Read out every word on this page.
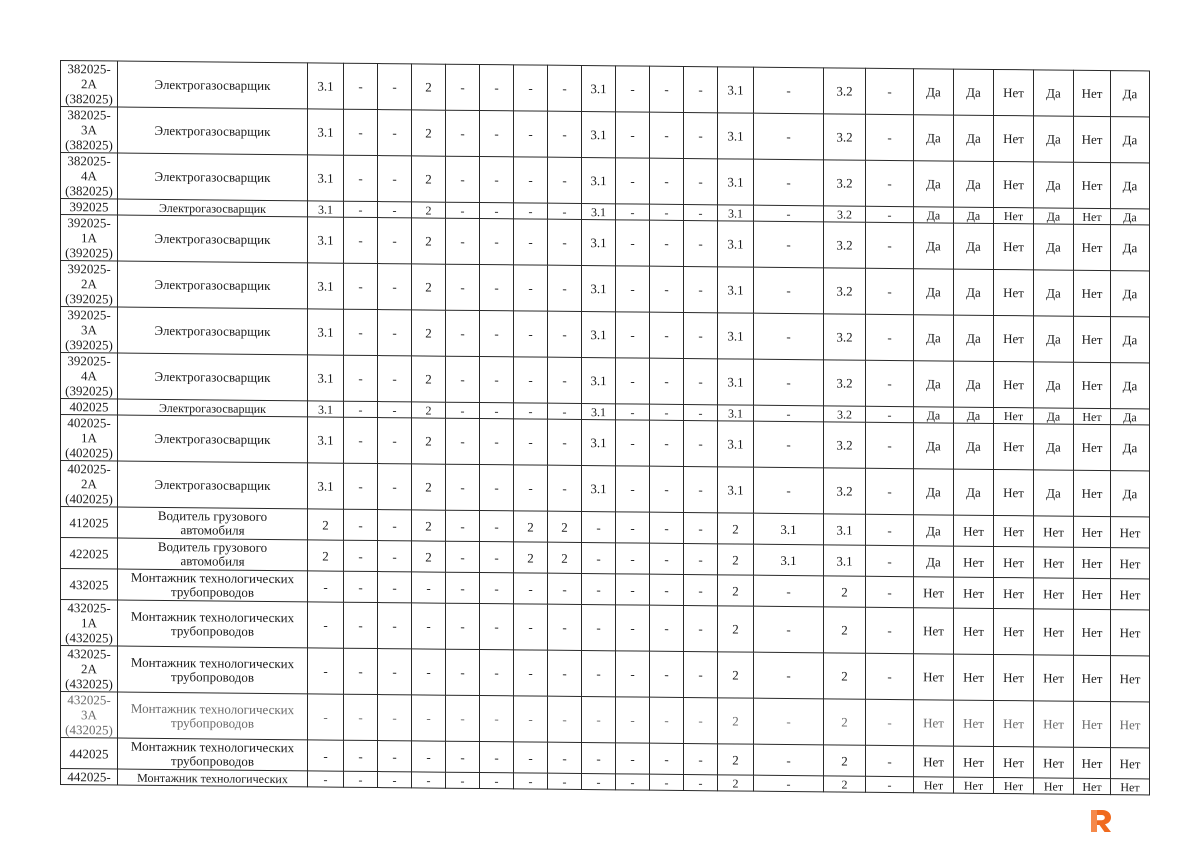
382025-
2А
(382025)	Электрогазосварщик	3.1	-	-	2	-	-	-	-	3.1	-	-	-	3.1	-	3.2	-	Да	Да	Нет	Да	Нет	Да

382025-
3А
(382025)	Электрогазосварщик	3.1	-	-	2	-	-	-	-	3.1	-	-	-	3.1	-	3.2	-	Да	Да	Нет	Да	Нет	Да

382025-
4А
(382025)	Электрогазосварщик	3.1	-	-	2	-	-	-	-	3.1	-	-	-	3.1	-	3.2	-	Да	Да	Нет	Да	Нет	Да

392025	Электрогазосварщик	3.1	-	-	2	-	-	-	-	3.1	-	-	-	3.1	-	3.2	-	Да	Да	Нет	Да	Нет	Да

392025-
1А
(392025)	Электрогазосварщик	3.1	-	-	2	-	-	-	-	3.1	-	-	-	3.1	-	3.2	-	Да	Да	Нет	Да	Нет	Да

392025-
2А
(392025)	Электрогазосварщик	3.1	-	-	2	-	-	-	-	3.1	-	-	-	3.1	-	3.2	-	Да	Да	Нет	Да	Нет	Да

392025-
3А
(392025)	Электрогазосварщик	3.1	-	-	2	-	-	-	-	3.1	-	-	-	3.1	-	3.2	-	Да	Да	Нет	Да	Нет	Да

392025-
4А
(392025)	Электрогазосварщик	3.1	-	-	2	-	-	-	-	3.1	-	-	-	3.1	-	3.2	-	Да	Да	Нет	Да	Нет	Да

402025	Электрогазосварщик	3.1	-	-	2	-	-	-	-	3.1	-	-	-	3.1	-	3.2	-	Да	Да	Нет	Да	Нет	Да

402025-
1А
(402025)	Электрогазосварщик	3.1	-	-	2	-	-	-	-	3.1	-	-	-	3.1	-	3.2	-	Да	Да	Нет	Да	Нет	Да

402025-
2А
(402025)	Электрогазосварщик	3.1	-	-	2	-	-	-	-	3.1	-	-	-	3.1	-	3.2	-	Да	Да	Нет	Да	Нет	Да

412025	Водитель грузового
автомобиля	2	-	-	2	-	-	2	2	-	-	-	-	2	3.1	3.1	-	Да	Нет	Нет	Нет	Нет	Нет

422025	Водитель грузового
автомобиля	2	-	-	2	-	-	2	2	-	-	-	-	2	3.1	3.1	-	Да	Нет	Нет	Нет	Нет	Нет

432025	Монтажник технологических
трубопроводов	-	-	-	-	-	-	-	-	-	-	-	-	2	-	2	-	Нет	Нет	Нет	Нет	Нет	Нет

432025-
1А
(432025)	Монтажник технологических
трубопроводов	-	-	-	-	-	-	-	-	-	-	-	-	2	-	2	-	Нет	Нет	Нет	Нет	Нет	Нет

432025-
2А
(432025)	Монтажник технологических
трубопроводов	-	-	-	-	-	-	-	-	-	-	-	-	2	-	2	-	Нет	Нет	Нет	Нет	Нет	Нет

432025-
3А
(432025)	Монтажник технологических
трубопроводов	-	-	-	-	-	-	-	-	-	-	-	-	2	-	2	-	Нет	Нет	Нет	Нет	Нет	Нет

442025	Монтажник технологических
трубопроводов	-	-	-	-	-	-	-	-	-	-	-	-	2	-	2	-	Нет	Нет	Нет	Нет	Нет	Нет

442025-	Монтажник технологических	-	-	-	-	-	-	-	-	-	-	-	-	2	-	2	-	Нет	Нет	Нет	Нет	Нет	Нет
